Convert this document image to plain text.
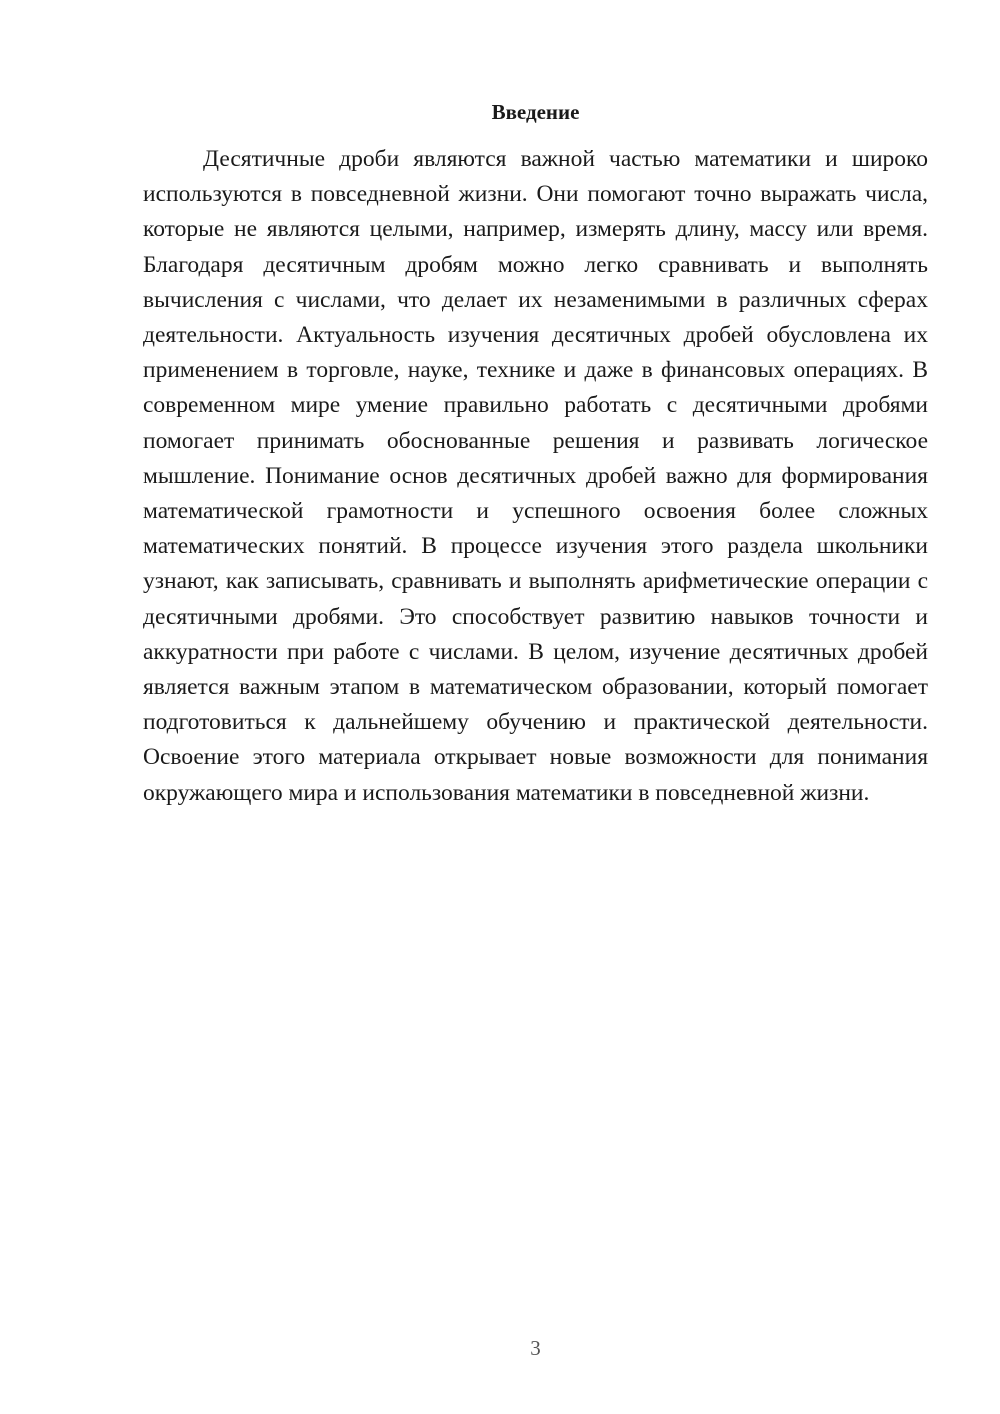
Введение

Десятичные дроби являются важной частью математики и широко используются в повседневной жизни. Они помогают точно выражать числа, которые не являются целыми, например, измерять длину, массу или время. Благодаря десятичным дробям можно легко сравнивать и выполнять вычисления с числами, что делает их незаменимыми в различных сферах деятельности. Актуальность изучения десятичных дробей обусловлена их применением в торговле, науке, технике и даже в финансовых операциях. В современном мире умение правильно работать с десятичными дробями помогает принимать обоснованные решения и развивать логическое мышление. Понимание основ десятичных дробей важно для формирования математической грамотности и успешного освоения более сложных математических понятий. В процессе изучения этого раздела школьники узнают, как записывать, сравнивать и выполнять арифметические операции с десятичными дробями. Это способствует развитию навыков точности и аккуратности при работе с числами. В целом, изучение десятичных дробей является важным этапом в математическом образовании, который помогает подготовиться к дальнейшему обучению и практической деятельности. Освоение этого материала открывает новые возможности для понимания окружающего мира и использования математики в повседневной жизни.

3
